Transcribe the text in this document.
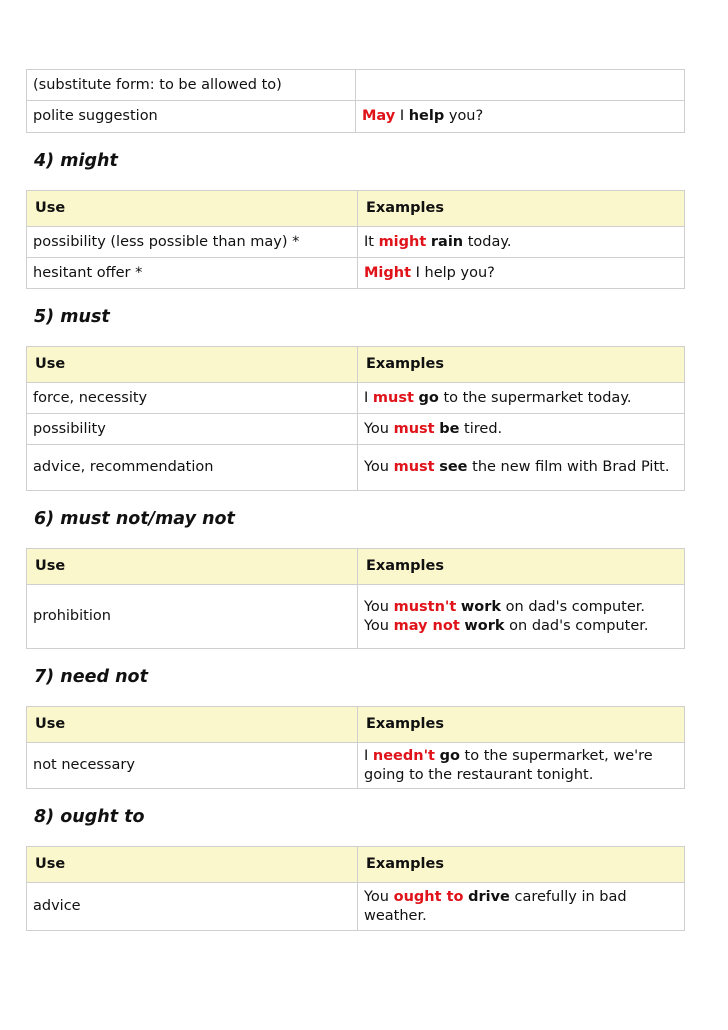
(substitute form: to be allowed to)	
polite suggestion	May I help you?
4) might
Use	Examples
possibility (less possible than may) *	It might rain today.
hesitant offer *	Might I help you?
5) must
Use	Examples
force, necessity	I must go to the supermarket today.
possibility	You must be tired.
advice, recommendation	You must see the new film with Brad Pitt.
6) must not/may not
Use	Examples
prohibition	You mustn't work on dad's computer.
You may not work on dad's computer.
7) need not
Use	Examples
not necessary	I needn't go to the supermarket, we're going to the restaurant tonight.
8) ought to
Use	Examples
advice	You ought to drive carefully in bad weather.
